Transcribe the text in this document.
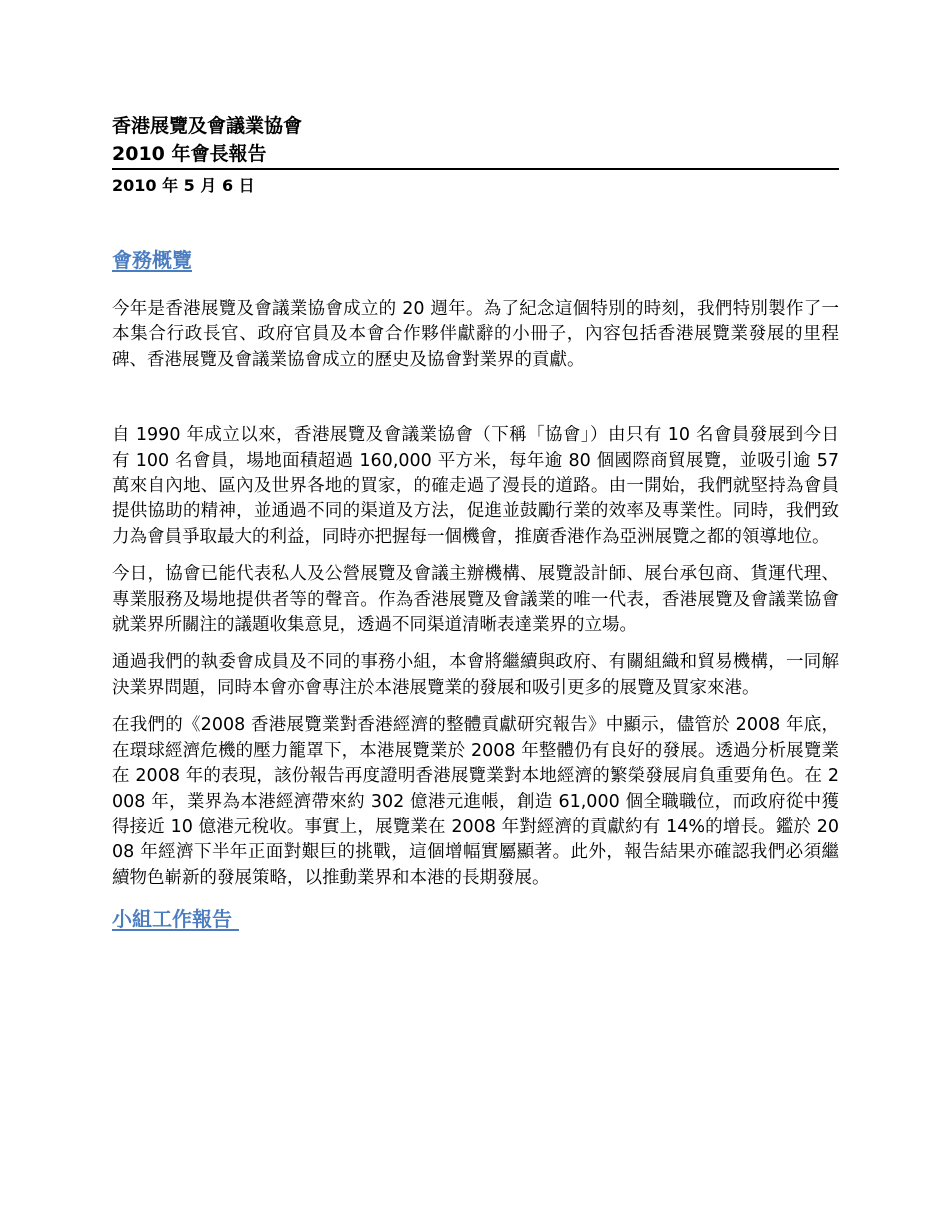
香港展覽及會議業協會
2010 年會長報告
2010 年 5 月 6 日
會務概覽

今年是香港展覽及會議業協會成立的 20 週年。為了紀念這個特別的時刻，我們特別製作了一本集合行政長官、政府官員及本會合作夥伴獻辭的小冊子，內容包括香港展覽業發展的里程碑、香港展覽及會議業協會成立的歷史及協會對業界的貢獻。

自 1990 年成立以來，香港展覽及會議業協會（下稱「協會」）由只有 10 名會員發展到今日有 100 名會員，場地面積超過 160,000 平方米，每年逾 80 個國際商貿展覽，並吸引逾 57 萬來自內地、區內及世界各地的買家，的確走過了漫長的道路。由一開始，我們就堅持為會員提供協助的精神，並通過不同的渠道及方法，促進並鼓勵行業的效率及專業性。同時，我們致力為會員爭取最大的利益，同時亦把握每一個機會，推廣香港作為亞洲展覽之都的領導地位。

今日，協會已能代表私人及公營展覽及會議主辦機構、展覽設計師、展台承包商、貨運代理、專業服務及場地提供者等的聲音。作為香港展覽及會議業的唯一代表，香港展覽及會議業協會就業界所關注的議題收集意見，透過不同渠道清晰表達業界的立場。

通過我們的執委會成員及不同的事務小組，本會將繼續與政府、有關組織和貿易機構，一同解決業界問題，同時本會亦會專注於本港展覽業的發展和吸引更多的展覽及買家來港。

在我們的《2008 香港展覽業對香港經濟的整體貢獻研究報告》中顯示，儘管於 2008 年底，在環球經濟危機的壓力籠罩下，本港展覽業於 2008 年整體仍有良好的發展。透過分析展覽業在 2008 年的表現，該份報告再度證明香港展覽業對本地經濟的繁榮發展肩負重要角色。在 2008 年，業界為本港經濟帶來約 302 億港元進帳，創造 61,000 個全職職位，而政府從中獲得接近 10 億港元稅收。事實上，展覽業在 2008 年對經濟的貢獻約有 14%的增長。鑑於 2008 年經濟下半年正面對艱巨的挑戰，這個增幅實屬顯著。此外，報告結果亦確認我們必須繼續物色嶄新的發展策略，以推動業界和本港的長期發展。

小組工作報告
